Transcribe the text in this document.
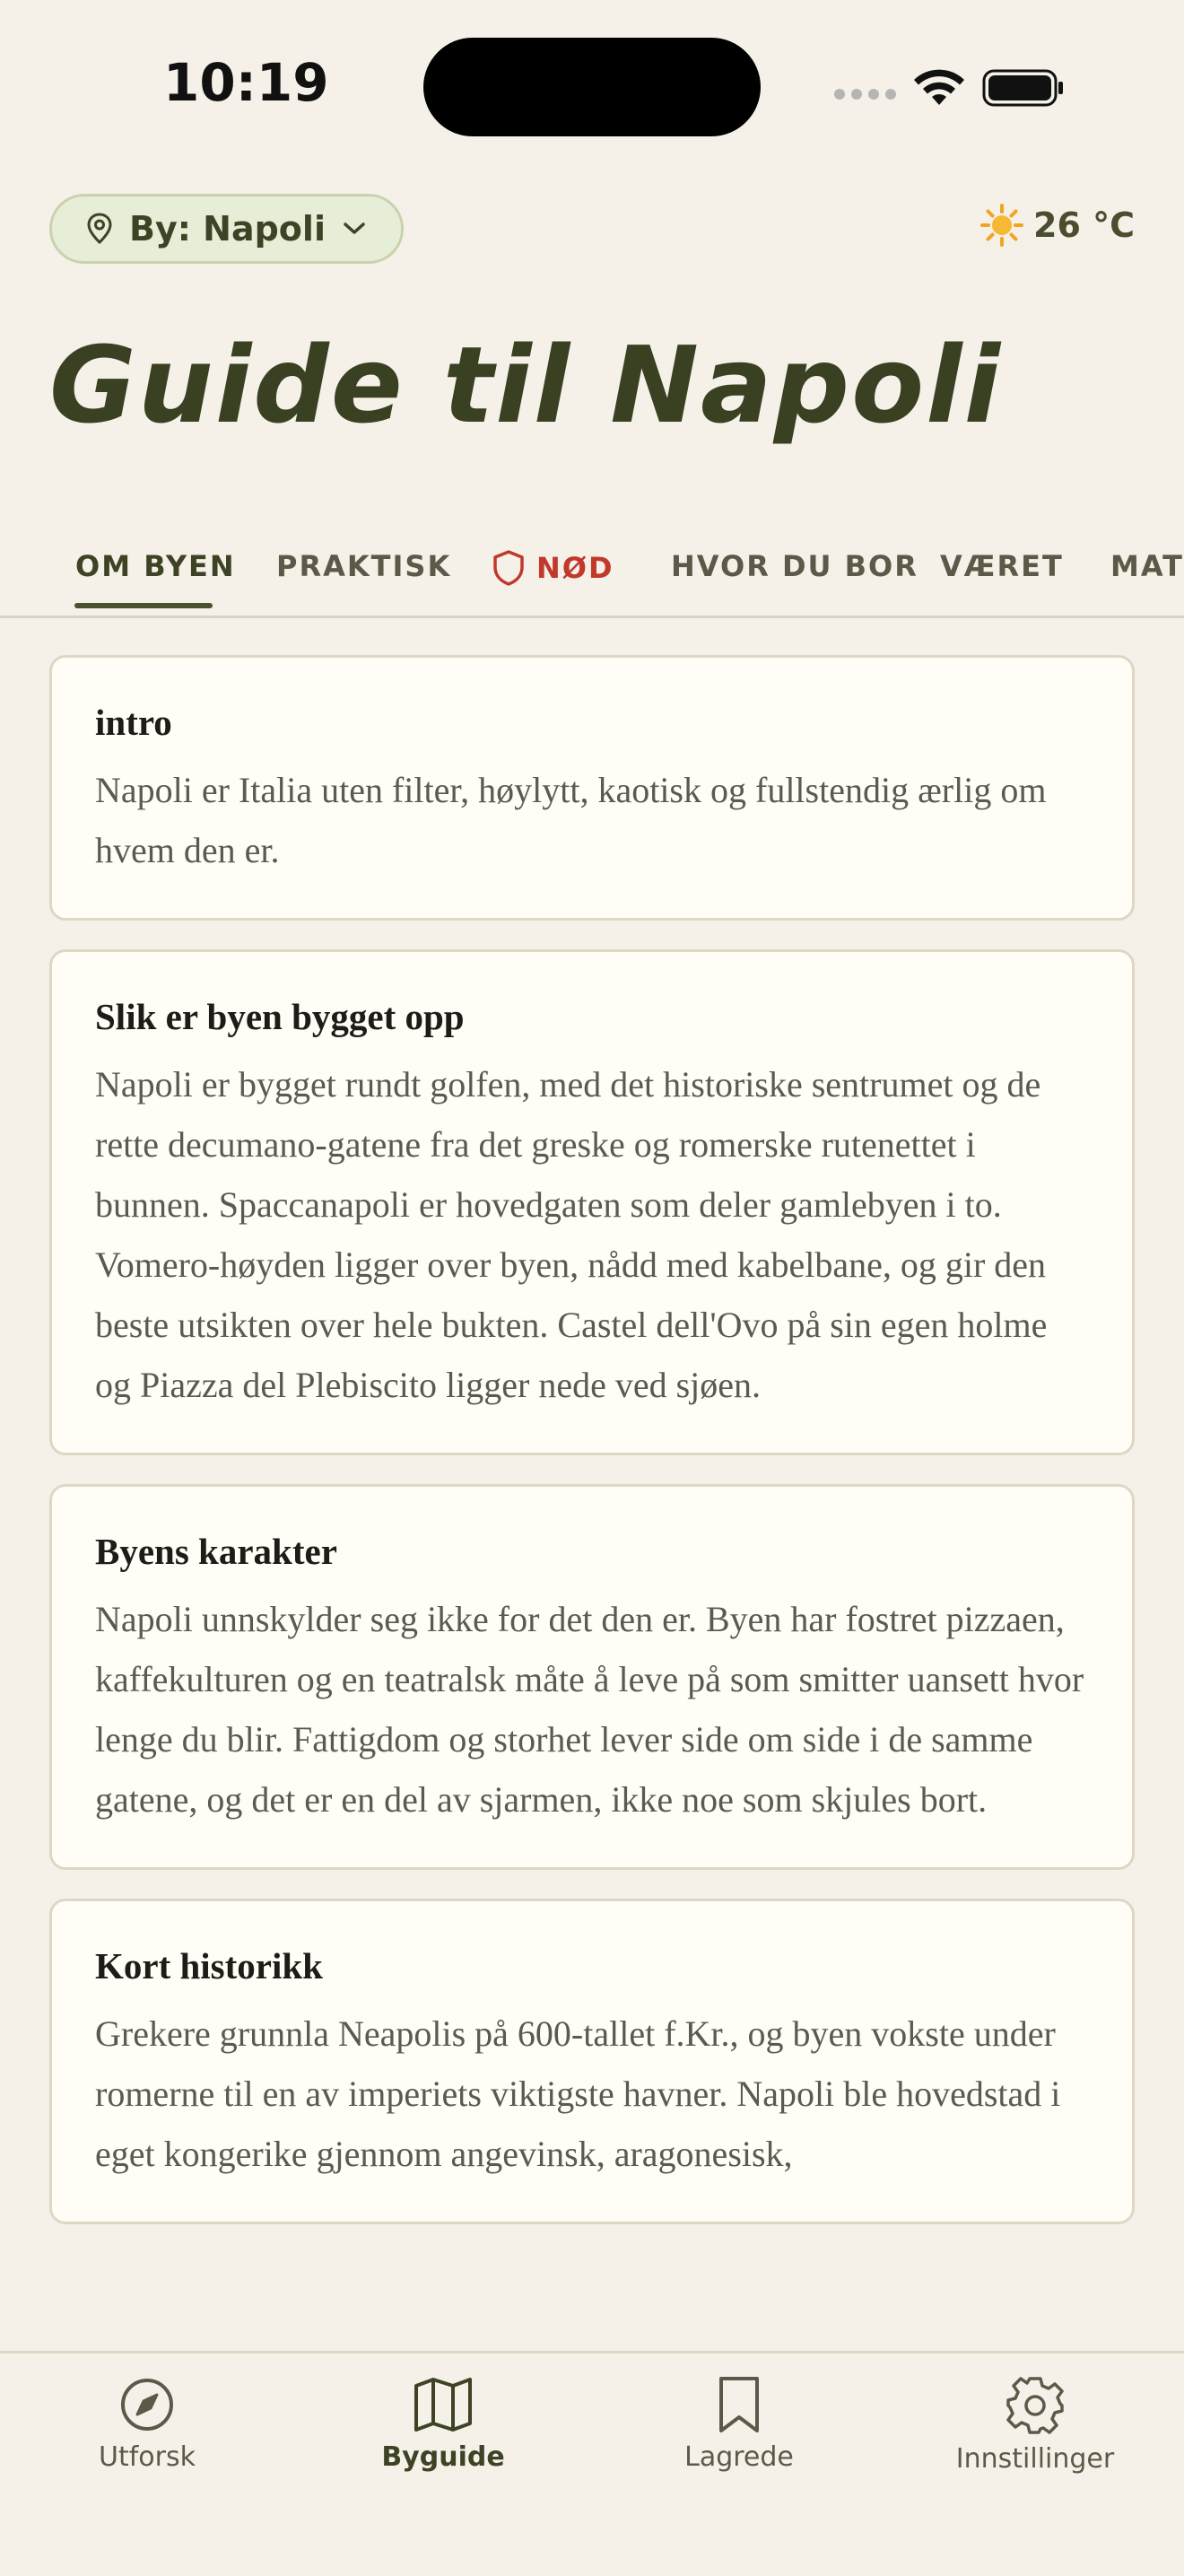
10:19
By: Napoli	26 °C
Guide til Napoli
OM BYEN PRAKTISK	NØD HVOR DU BOR VÆRET MAT
intro

Napoli er Italia uten filter, høylytt, kaotisk og fullstendig ærlig om hvem den er.

Slik er byen bygget opp

Napoli er bygget rundt golfen, med det historiske sentrumet og de rette decumano-gatene fra det greske og romerske rutenettet i bunnen. Spaccanapoli er hovedgaten som deler gamlebyen i to. Vomero-høyden ligger over byen, nådd med kabelbane, og gir den beste utsikten over hele bukten. Castel dell'Ovo på sin egen holme og Piazza del Plebiscito ligger nede ved sjøen.

Byens karakter

Napoli unnskylder seg ikke for det den er. Byen har fostret pizzaen, kaffekulturen og en teatralsk måte å leve på som smitter uansett hvor lenge du blir. Fattigdom og storhet lever side om side i de samme gatene, og det er en del av sjarmen, ikke noe som skjules bort.

Kort historikk

Grekere grunnla Neapolis på 600-tallet f.Kr., og byen vokste under romerne til en av imperiets viktigste havner. Napoli ble hovedstad i eget kongerike gjennom angevinsk, aragonesisk,

Utforsk	Byguide	Lagrede	Innstillinger
